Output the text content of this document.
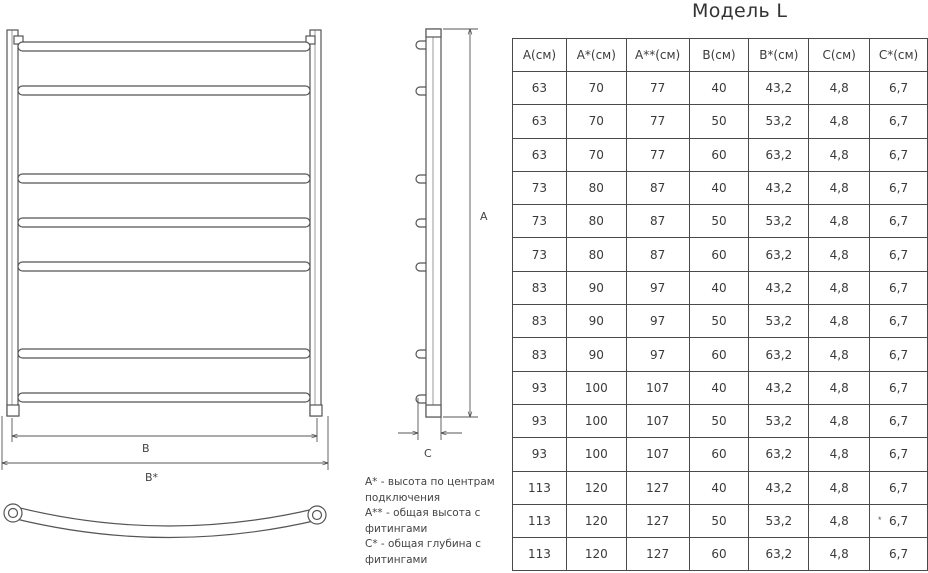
Модель L
B
B*
A
C
A(см)	A*(см)	A**(см)	B(см)	B*(см)	C(см)	C*(см)
63	70	77	40	43,2	4,8	6,7
63	70	77	50	53,2	4,8	6,7
63	70	77	60	63,2	4,8	6,7
73	80	87	40	43,2	4,8	6,7
73	80	87	50	53,2	4,8	6,7
73	80	87	60	63,2	4,8	6,7
83	90	97	40	43,2	4,8	6,7
83	90	97	50	53,2	4,8	6,7
83	90	97	60	63,2	4,8	6,7
93	100	107	40	43,2	4,8	6,7
93	100	107	50	53,2	4,8	6,7
93	100	107	60	63,2	4,8	6,7
113	120	127	40	43,2	4,8	6,7
113	120	127	50	53,2	4,8	6,7
113	120	127	60	63,2	4,8	6,7
A* - высота по центрам подключения
A** - общая высота с фитингами
C* - общая глубина с фитингами
*
